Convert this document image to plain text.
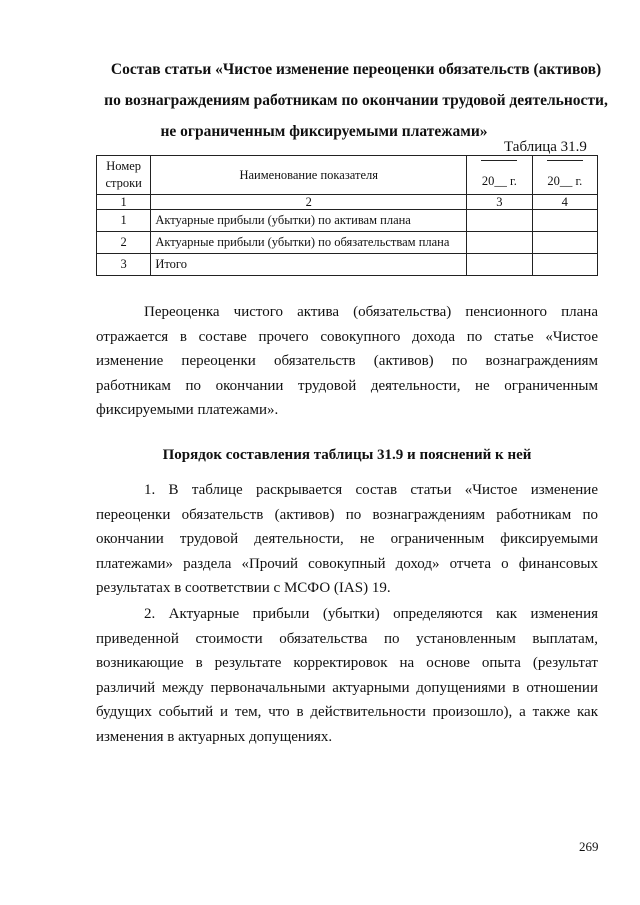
Состав статьи «Чистое изменение переоценки обязательств (активов)
по вознаграждениям работникам по окончании трудовой деятельности,
не ограниченным фиксируемыми платежами»
Таблица 31.9
Номер
строки	Наименование показателя	20__ г.	20__ г.

1	2	3	4
1	Актуарные прибыли (убытки) по активам плана		
2	Актуарные прибыли (убытки) по обязательствам плана		
3	Итого		
Переоценка чистого актива (обязательства) пенсионного плана
отражается в составе прочего совокупного дохода по статье «Чистое
изменение переоценки обязательств (активов) по вознаграждениям
работникам по окончании трудовой деятельности, не ограниченным
фиксируемыми платежами».
Порядок составления таблицы 31.9 и пояснений к ней
1. В таблице раскрывается состав статьи «Чистое изменение
переоценки обязательств (активов) по вознаграждениям работникам по
окончании трудовой деятельности, не ограниченным фиксируемыми
платежами» раздела «Прочий совокупный доход» отчета о финансовых
результатах в соответствии с МСФО (IAS) 19.
2. Актуарные прибыли (убытки) определяются как изменения
приведенной стоимости обязательства по установленным выплатам,
возникающие в результате корректировок на основе опыта (результат
различий между первоначальными актуарными допущениями в отношении
будущих событий и тем, что в действительности произошло), а также как
изменения в актуарных допущениях.
269
